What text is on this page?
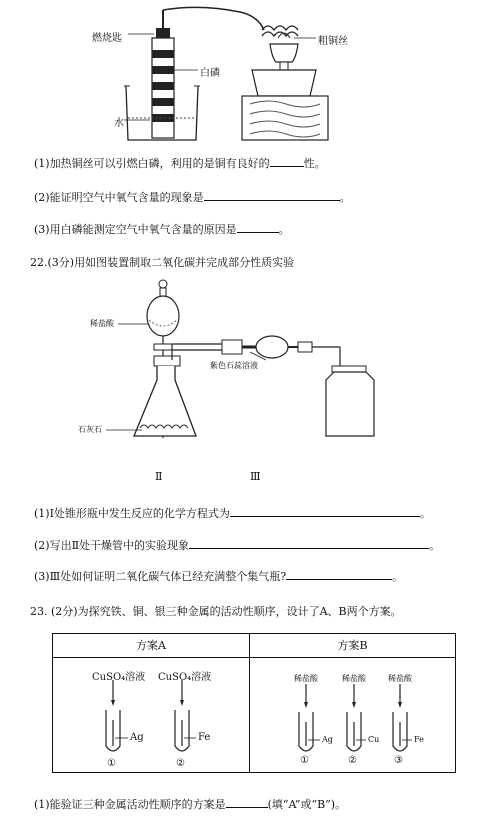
燃烧匙
白磷
水
粗铜丝
(1)加热铜丝可以引燃白磷，利用的是铜有良好的	性。
(2)能证明空气中氧气含量的现象是	。
(3)用白磷能测定空气中氧气含量的原因是	。
22.(3分)用如图装置制取二氧化碳并完成部分性质实验
稀盐酸
紫色石蕊溶液
石灰石
Ⅱ	Ⅲ
(1)Ⅰ处锥形瓶中发生反应的化学方程式为	。
(2)写出Ⅱ处干燥管中的实验现象	。
(3)Ⅲ处如何证明二氧化碳气体已经充满整个集气瓶?	。
23. (2分)为探究铁、铜、银三种金属的活动性顺序，设计了A、B两个方案。
方案A	方案B
CuSO₄溶液 CuSO₄溶液
Ag	Fe
①	②
稀盐酸	稀盐酸	稀盐酸
Ag	Cu	Fe
①	②	③
(1)能验证三种金属活动性顺序的方案是	(填“A”或“B”)。
